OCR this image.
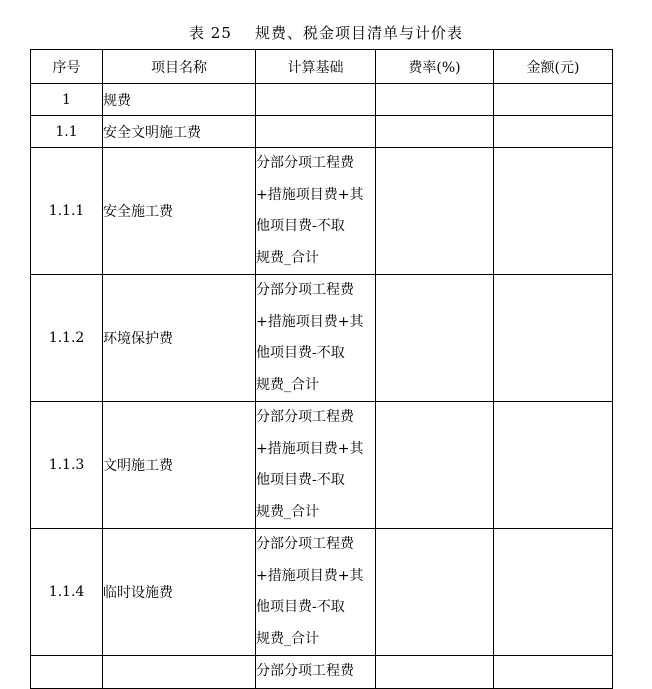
表 25    规费、税金项目清单与计价表
序号	项目名称	计算基础	费率(%)	金额(元)
1	规费			
1.1	安全文明施工费			
1.1.1	安全施工费	分部分项工程费
+措施项目费+其
他项目费-不取
规费_合计		
1.1.2	环境保护费	分部分项工程费
+措施项目费+其
他项目费-不取
规费_合计		
1.1.3	文明施工费	分部分项工程费
+措施项目费+其
他项目费-不取
规费_合计		
1.1.4	临时设施费	分部分项工程费
+措施项目费+其
他项目费-不取
规费_合计		
		分部分项工程费		
